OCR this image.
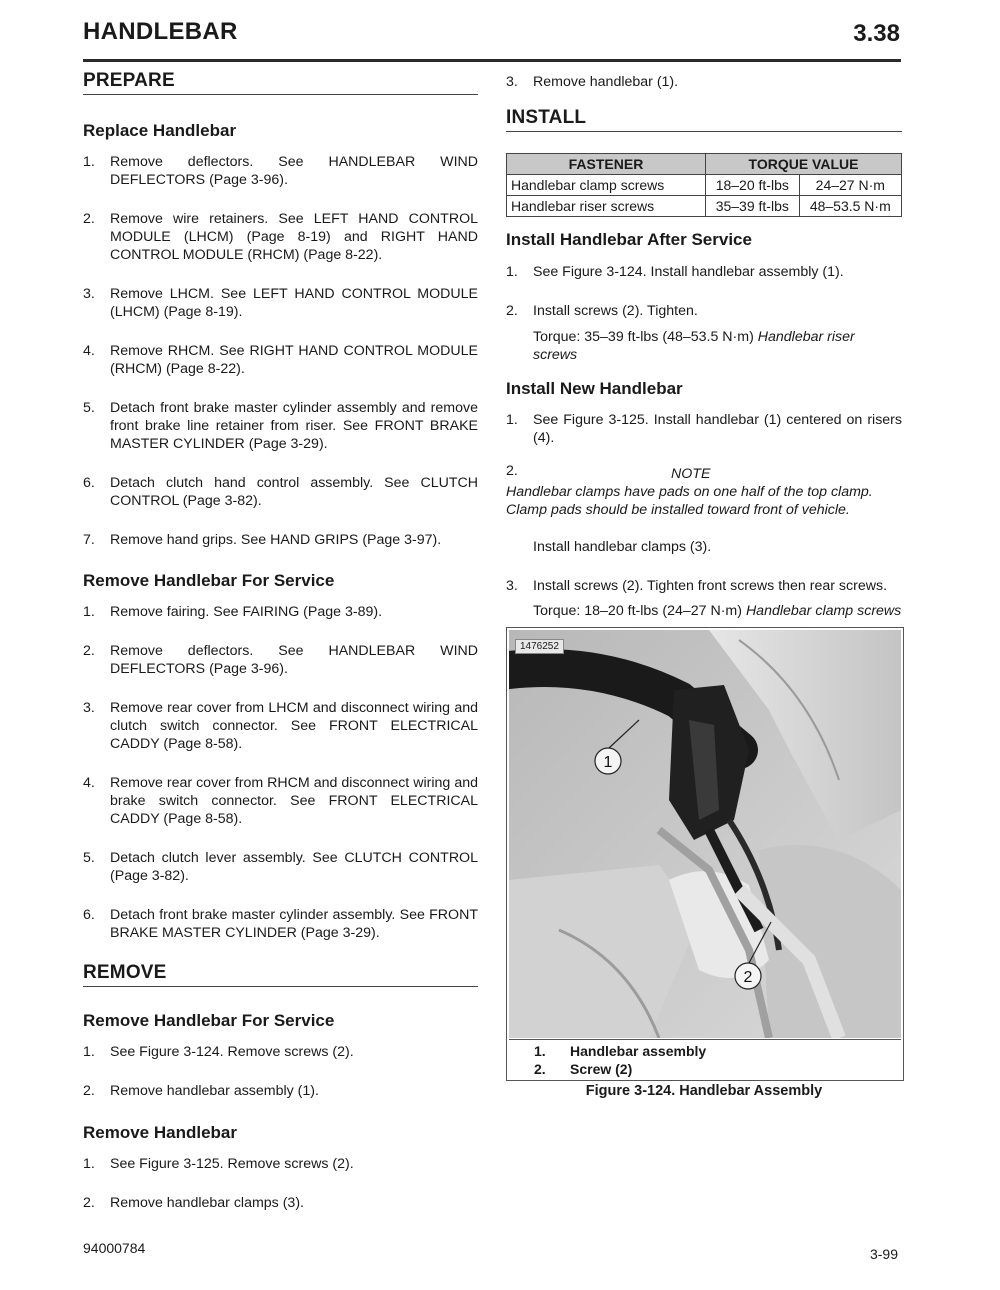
HANDLEBAR	3.38
PREPARE
Replace Handlebar
1. Remove deflectors. See HANDLEBAR WIND DEFLECTORS (Page 3-96).
2. Remove wire retainers. See LEFT HAND CONTROL MODULE (LHCM) (Page 8-19) and RIGHT HAND CONTROL MODULE (RHCM) (Page 8-22).
3. Remove LHCM. See LEFT HAND CONTROL MODULE (LHCM) (Page 8-19).
4. Remove RHCM. See RIGHT HAND CONTROL MODULE (RHCM) (Page 8-22).
5. Detach front brake master cylinder assembly and remove front brake line retainer from riser. See FRONT BRAKE MASTER CYLINDER (Page 3-29).
6. Detach clutch hand control assembly. See CLUTCH CONTROL (Page 3-82).
7. Remove hand grips. See HAND GRIPS (Page 3-97).
Remove Handlebar For Service
1. Remove fairing. See FAIRING (Page 3-89).
2. Remove deflectors. See HANDLEBAR WIND DEFLECTORS (Page 3-96).
3. Remove rear cover from LHCM and disconnect wiring and clutch switch connector. See FRONT ELECTRICAL CADDY (Page 8-58).
4. Remove rear cover from RHCM and disconnect wiring and brake switch connector. See FRONT ELECTRICAL CADDY (Page 8-58).
5. Detach clutch lever assembly. See CLUTCH CONTROL (Page 3-82).
6. Detach front brake master cylinder assembly. See FRONT BRAKE MASTER CYLINDER (Page 3-29).
REMOVE
Remove Handlebar For Service
1. See Figure 3-124. Remove screws (2).
2. Remove handlebar assembly (1).
Remove Handlebar
1. See Figure 3-125. Remove screws (2).
2. Remove handlebar clamps (3).
3. Remove handlebar (1).
INSTALL
FASTENER	TORQUE VALUE	
Handlebar clamp screws	18–20 ft-lbs	24–27 N·m
Handlebar riser screws	35–39 ft-lbs	48–53.5 N·m
Install Handlebar After Service
1. See Figure 3-124. Install handlebar assembly (1).
2. Install screws (2). Tighten.
Torque: 35–39 ft-lbs (48–53.5 N·m) Handlebar riser screws
Install New Handlebar
1. See Figure 3-125. Install handlebar (1) centered on risers (4).
2.	NOTE
Handlebar clamps have pads on one half of the top clamp. Clamp pads should be installed toward front of vehicle.
Install handlebar clamps (3).
3. Install screws (2). Tighten front screws then rear screws.
Torque: 18–20 ft-lbs (24–27 N·m) Handlebar clamp screws
1
2
1476252
1. Handlebar assembly
2. Screw (2)
Figure 3-124. Handlebar Assembly
94000784	3-99
